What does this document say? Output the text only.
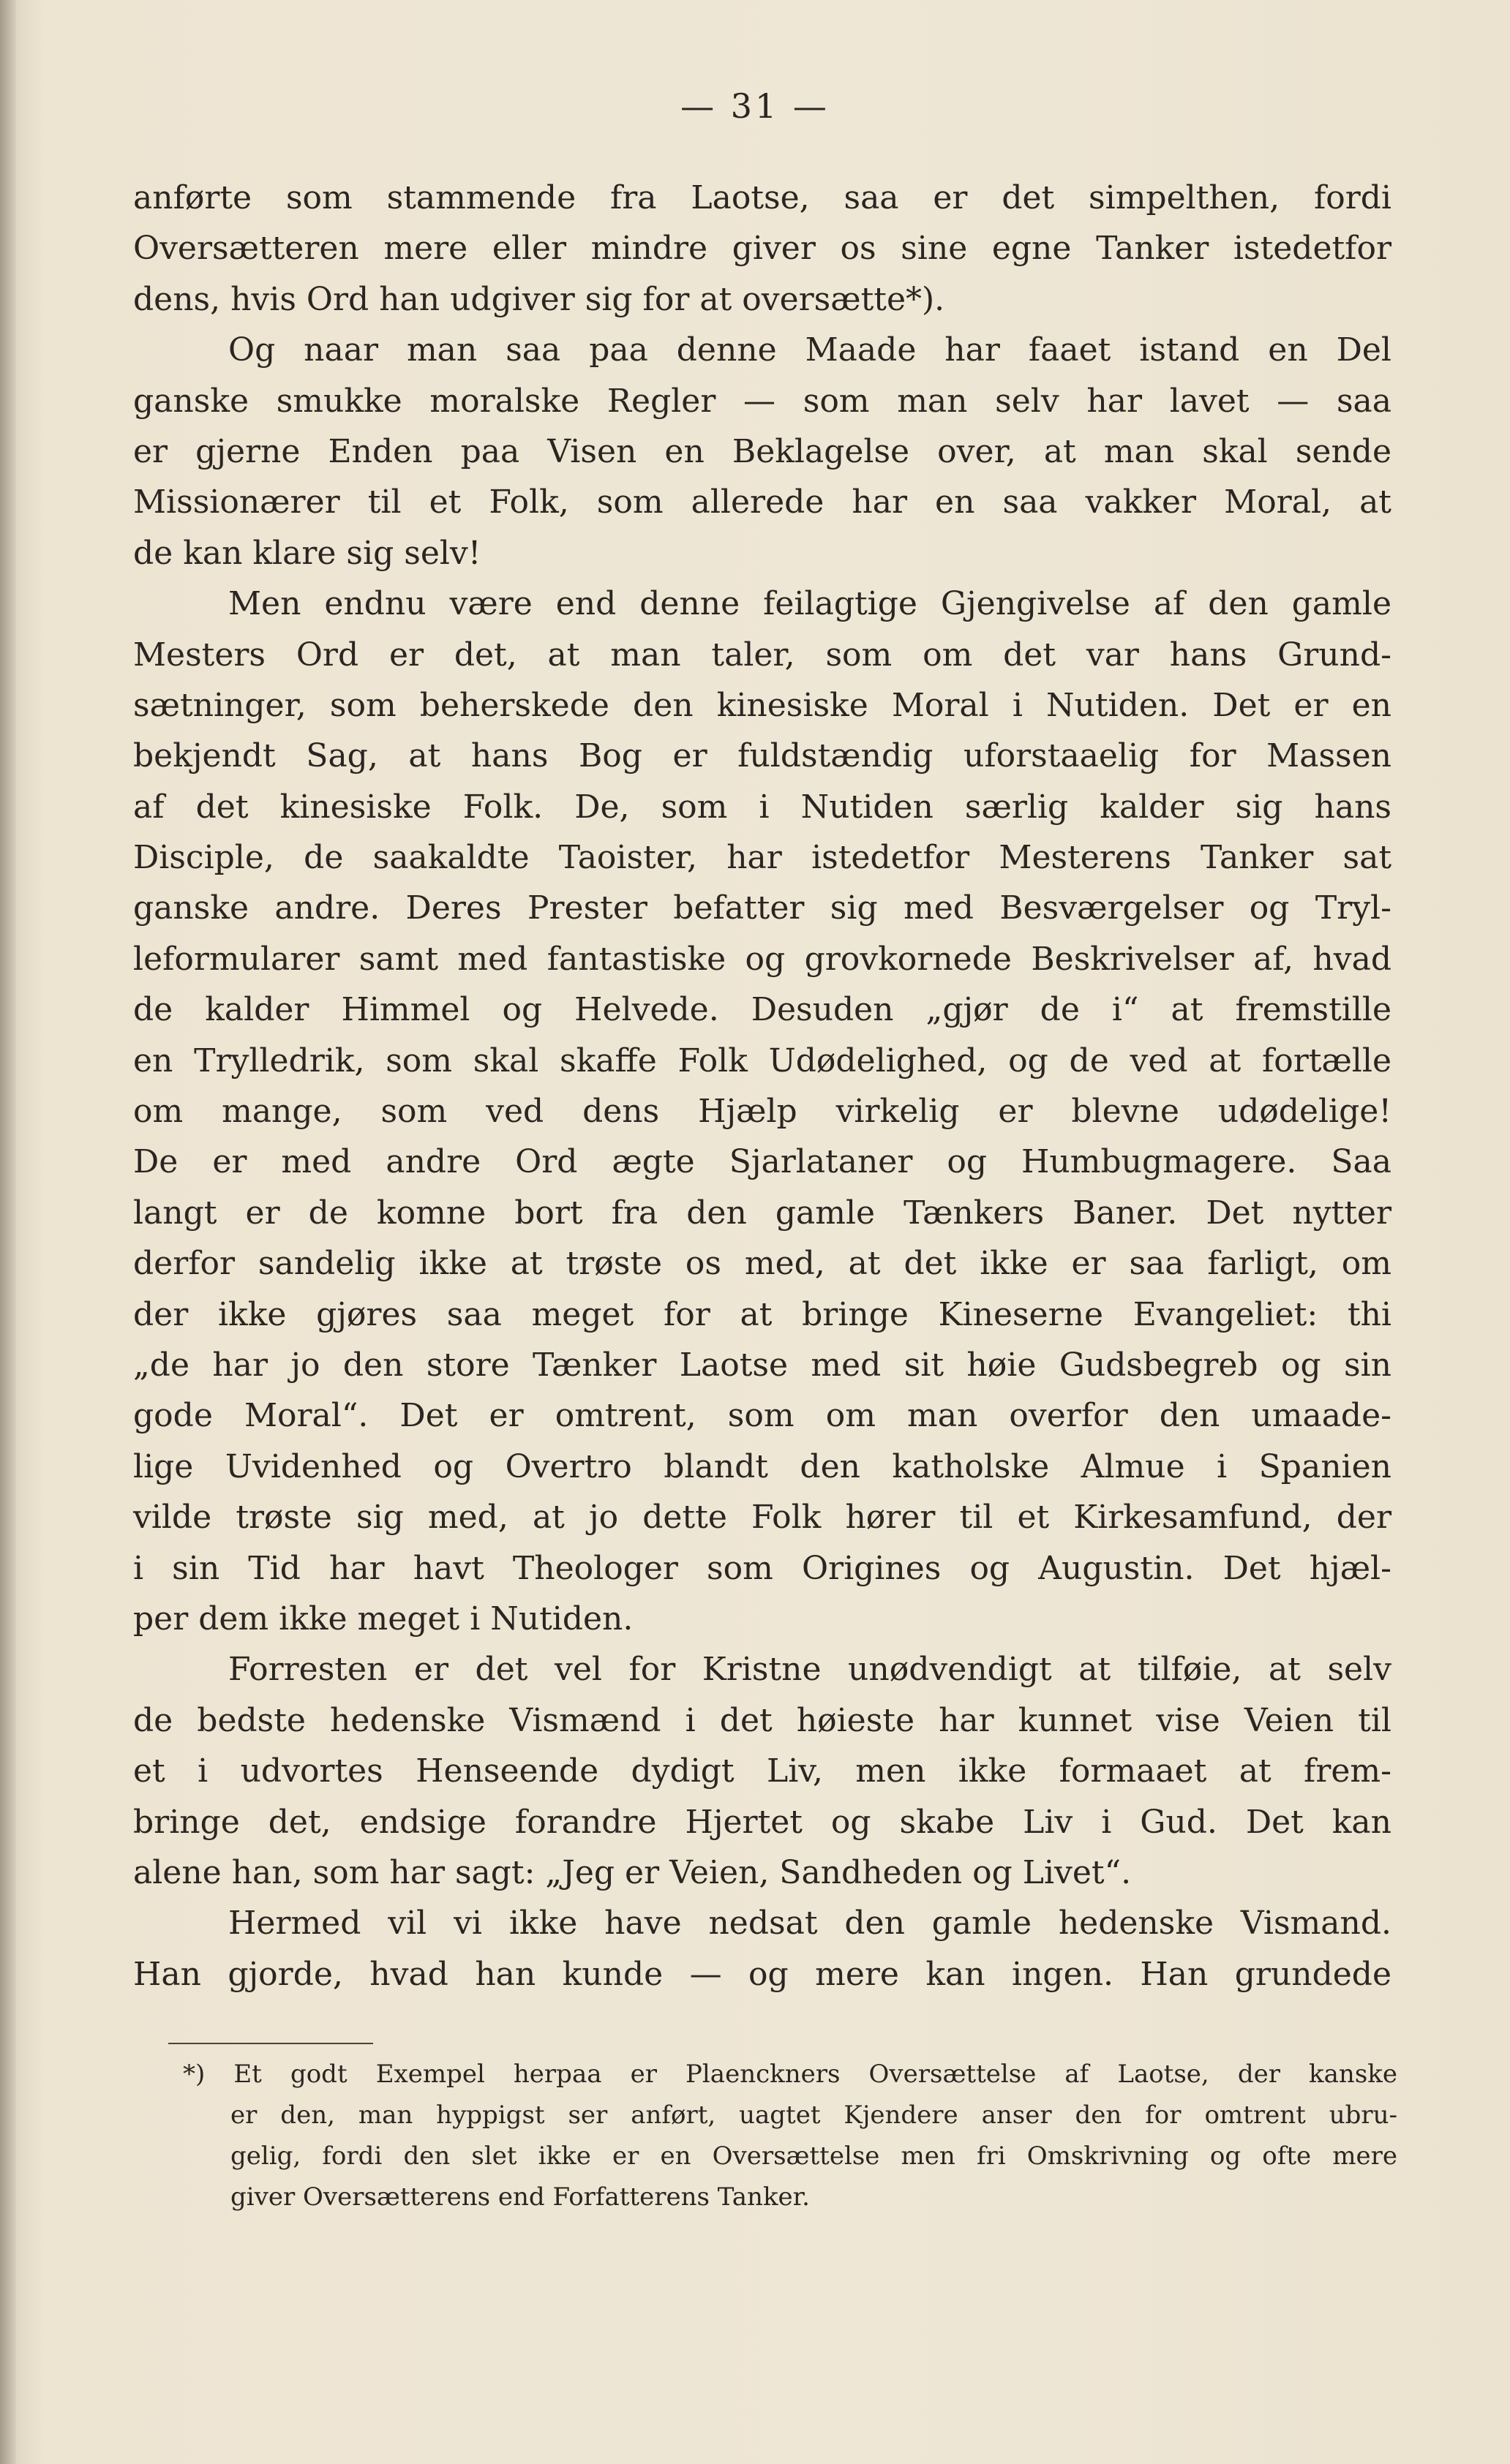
— 31 —
anførte som stammende fra Laotse, saa er det simpelthen, fordi
Oversætteren mere eller mindre giver os sine egne Tanker istedetfor
dens, hvis Ord han udgiver sig for at oversætte*).
Og naar man saa paa denne Maade har faaet istand en Del
ganske smukke moralske Regler — som man selv har lavet — saa
er gjerne Enden paa Visen en Beklagelse over, at man skal sende
Missionærer til et Folk, som allerede har en saa vakker Moral, at
de kan klare sig selv!
Men endnu være end denne feilagtige Gjengivelse af den gamle
Mesters Ord er det, at man taler, som om det var hans Grund-
sætninger, som beherskede den kinesiske Moral i Nutiden. Det er en
bekjendt Sag, at hans Bog er fuldstændig uforstaaelig for Massen
af det kinesiske Folk. De, som i Nutiden særlig kalder sig hans
Disciple, de saakaldte Taoister, har istedetfor Mesterens Tanker sat
ganske andre. Deres Prester befatter sig med Besværgelser og Tryl-
leformularer samt med fantastiske og grovkornede Beskrivelser af, hvad
de kalder Himmel og Helvede. Desuden „gjør de i“ at fremstille
en Trylledrik, som skal skaffe Folk Udødelighed, og de ved at fortælle
om mange, som ved dens Hjælp virkelig er blevne udødelige!
De er med andre Ord ægte Sjarlataner og Humbugmagere. Saa
langt er de komne bort fra den gamle Tænkers Baner. Det nytter
derfor sandelig ikke at trøste os med, at det ikke er saa farligt, om
der ikke gjøres saa meget for at bringe Kineserne Evangeliet: thi
„de har jo den store Tænker Laotse med sit høie Gudsbegreb og sin
gode Moral“. Det er omtrent, som om man overfor den umaade-
lige Uvidenhed og Overtro blandt den katholske Almue i Spanien
vilde trøste sig med, at jo dette Folk hører til et Kirkesamfund, der
i sin Tid har havt Theologer som Origines og Augustin. Det hjæl-
per dem ikke meget i Nutiden.
Forresten er det vel for Kristne unødvendigt at tilføie, at selv
de bedste hedenske Vismænd i det høieste har kunnet vise Veien til
et i udvortes Henseende dydigt Liv, men ikke formaaet at frem-
bringe det, endsige forandre Hjertet og skabe Liv i Gud. Det kan
alene han, som har sagt: „Jeg er Veien, Sandheden og Livet“.
Hermed vil vi ikke have nedsat den gamle hedenske Vismand.
Han gjorde, hvad han kunde — og mere kan ingen. Han grundede
*) Et godt Exempel herpaa er Plaenckners Oversættelse af Laotse, der kanske
er den, man hyppigst ser anført, uagtet Kjendere anser den for omtrent ubru-
gelig, fordi den slet ikke er en Oversættelse men fri Omskrivning og ofte mere
giver Oversætterens end Forfatterens Tanker.
